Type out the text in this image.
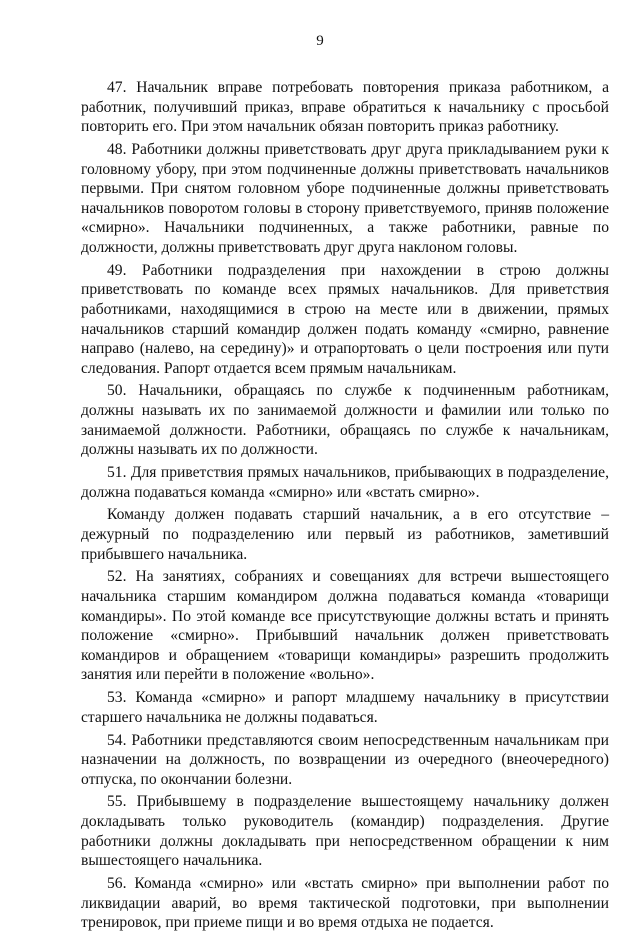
9

47. Начальник вправе потребовать повторения приказа работником, а работник, получивший приказ, вправе обратиться к начальнику с просьбой повторить его. При этом начальник обязан повторить приказ работнику.

48. Работники должны приветствовать друг друга прикладыванием руки к головному убору, при этом подчиненные должны приветствовать начальников первыми. При снятом головном уборе подчиненные должны приветствовать начальников поворотом головы в сторону приветствуемого, приняв положение «смирно». Начальники подчиненных, а также работники, равные по должности, должны приветствовать друг друга наклоном головы.

49. Работники подразделения при нахождении в строю должны приветствовать по команде всех прямых начальников. Для приветствия работниками, находящимися в строю на месте или в движении, прямых начальников старший командир должен подать команду «смирно, равнение направо (налево, на середину)» и отрапортовать о цели построения или пути следования. Рапорт отдается всем прямым начальникам.

50. Начальники, обращаясь по службе к подчиненным работникам, должны называть их по занимаемой должности и фамилии или только по занимаемой должности. Работники, обращаясь по службе к начальникам, должны называть их по должности.

51. Для приветствия прямых начальников, прибывающих в подразделение, должна подаваться команда «смирно» или «встать смирно».

Команду должен подавать старший начальник, а в его отсутствие – дежурный по подразделению или первый из работников, заметивший прибывшего начальника.

52. На занятиях, собраниях и совещаниях для встречи вышестоящего начальника старшим командиром должна подаваться команда «товарищи командиры». По этой команде все присутствующие должны встать и принять положение «смирно». Прибывший начальник должен приветствовать командиров и обращением «товарищи командиры» разрешить продолжить занятия или перейти в положение «вольно».

53. Команда «смирно» и рапорт младшему начальнику в присутствии старшего начальника не должны подаваться.

54. Работники представляются своим непосредственным начальникам при назначении на должность, по возвращении из очередного (внеочередного) отпуска, по окончании болезни.

55. Прибывшему в подразделение вышестоящему начальнику должен докладывать только руководитель (командир) подразделения. Другие работники должны докладывать при непосредственном обращении к ним вышестоящего начальника.

56. Команда «смирно» или «встать смирно» при выполнении работ по ликвидации аварий, во время тактической подготовки, при выполнении тренировок, при приеме пищи и во время отдыха не подается.
